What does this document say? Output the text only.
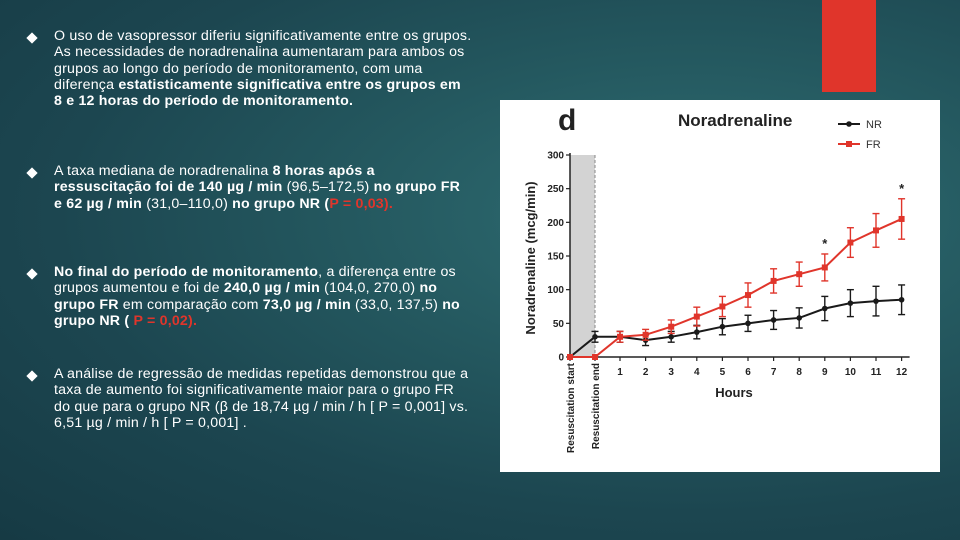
O uso de vasopressor diferiu significativamente entre os grupos. As necessidades de noradrenalina aumentaram para ambos os grupos ao longo do período de monitoramento, com uma diferença estatisticamente significativa entre os grupos em 8 e 12 horas do período de monitoramento.
A taxa mediana de noradrenalina 8 horas após a ressuscitação foi de 140 µg / min (96,5–172,5) no grupo FR e 62 µg / min (31,0–110,0) no grupo NR (P = 0,03).
No final do período de monitoramento, a diferença entre os grupos aumentou e foi de 240,0 µg / min (104,0, 270,0) no grupo FR em comparação com 73,0 µg / min (33,0, 137,5) no grupo NR ( P = 0,02).
A análise de regressão de medidas repetidas demonstrou que a taxa de aumento foi significativamente maior para o grupo FR do que para o grupo NR (β de 18,74 µg / min / h [ P = 0,001] vs. 6,51 µg / min / h [ P = 0,001] .
d	Noradrenaline
Noradrenaline (mcg/min)
Hours
0
50
100
150
200
250
300
Resuscitation start Resuscitation end 1 2 3 4 5 6 7 8 9 10 11 12
*
*
NR
FR
